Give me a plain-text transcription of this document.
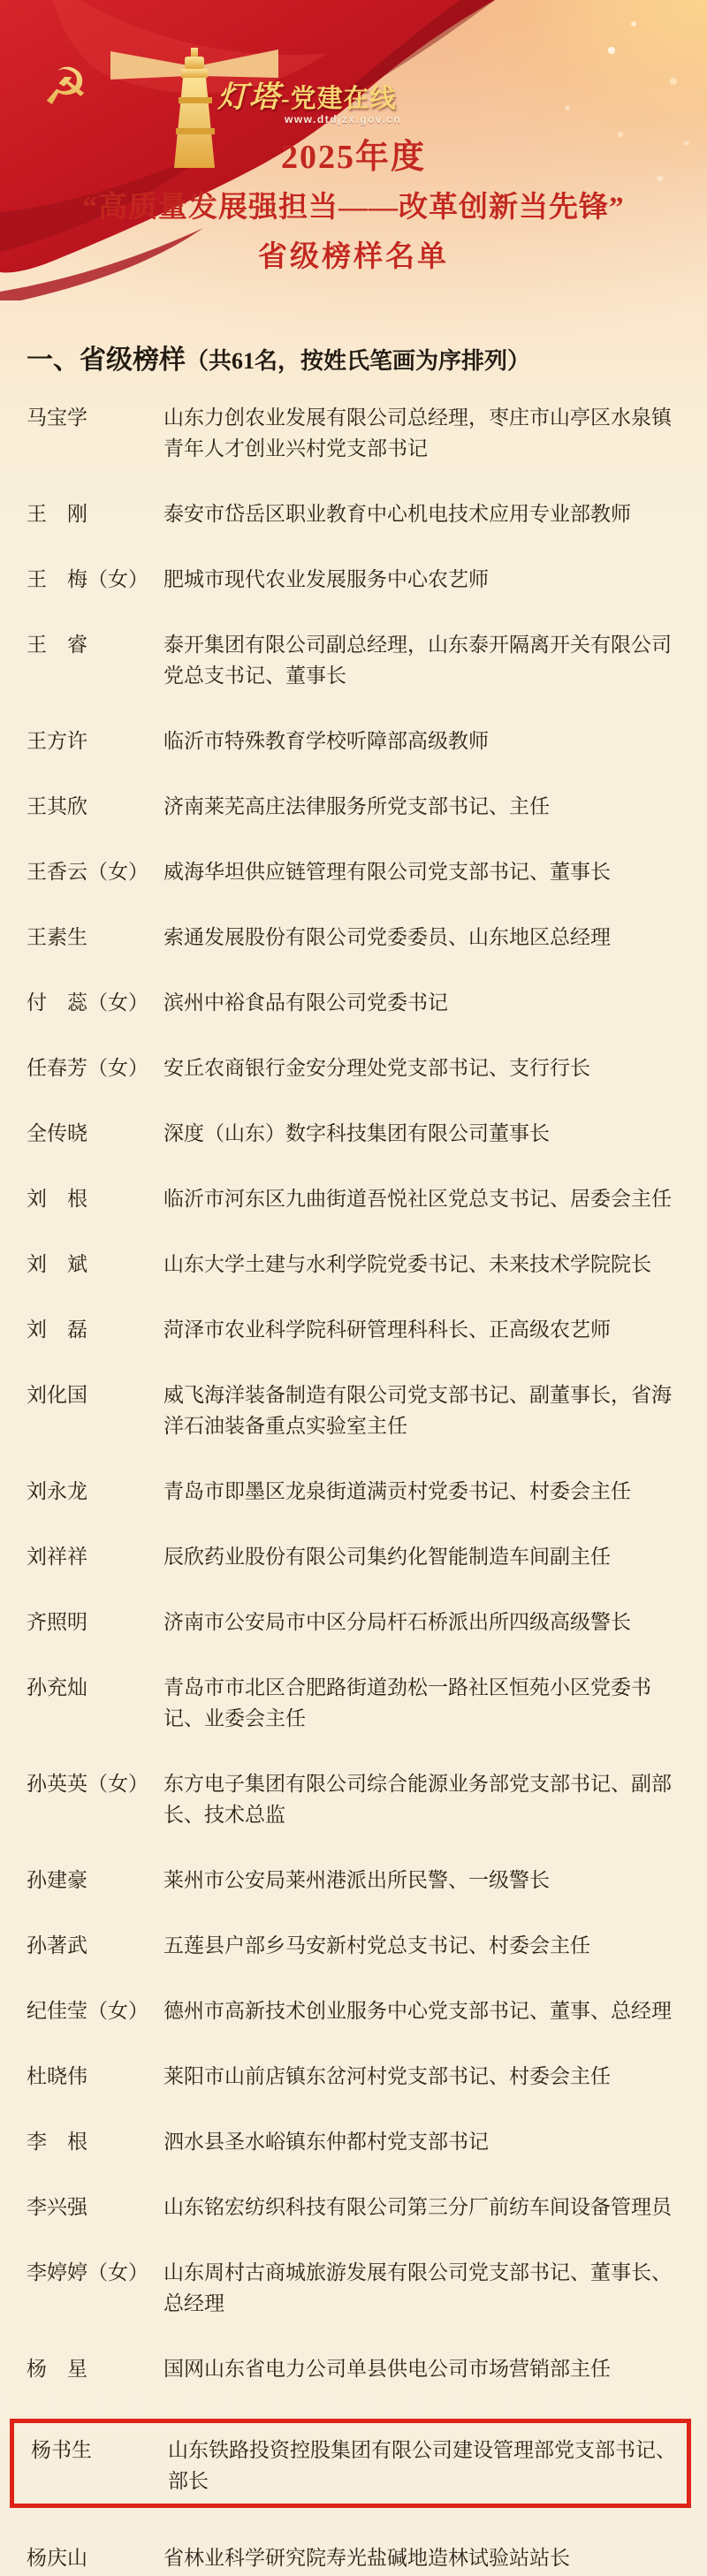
☭	灯塔-党建在线
www.dtdjzx.gov.cn
2025年度
“高质量发展强担当——改革创新当先锋”
省级榜样名单
一、省级榜样（共61名，按姓氏笔画为序排列）
马宝学	山东力创农业发展有限公司总经理，枣庄市山亭区水泉镇青年人才创业兴村党支部书记
王　刚	泰安市岱岳区职业教育中心机电技术应用专业部教师
王　梅（女） 肥城市现代农业发展服务中心农艺师
王　睿	泰开集团有限公司副总经理，山东泰开隔离开关有限公司党总支书记、董事长
王方许	临沂市特殊教育学校听障部高级教师
王其欣	济南莱芜高庄法律服务所党支部书记、主任
王香云（女） 威海华坦供应链管理有限公司党支部书记、董事长
王素生	索通发展股份有限公司党委委员、山东地区总经理
付　蕊（女） 滨州中裕食品有限公司党委书记
任春芳（女） 安丘农商银行金安分理处党支部书记、支行行长
全传晓	深度（山东）数字科技集团有限公司董事长
刘　根	临沂市河东区九曲街道吾悦社区党总支书记、居委会主任
刘　斌	山东大学土建与水利学院党委书记、未来技术学院院长
刘　磊	菏泽市农业科学院科研管理科科长、正高级农艺师
刘化国	威飞海洋装备制造有限公司党支部书记、副董事长，省海洋石油装备重点实验室主任
刘永龙	青岛市即墨区龙泉街道满贡村党委书记、村委会主任
刘祥祥	辰欣药业股份有限公司集约化智能制造车间副主任
齐照明	济南市公安局市中区分局杆石桥派出所四级高级警长
孙充灿	青岛市市北区合肥路街道劲松一路社区恒苑小区党委书记、业委会主任
孙英英（女） 东方电子集团有限公司综合能源业务部党支部书记、副部长、技术总监
孙建豪	莱州市公安局莱州港派出所民警、一级警长
孙著武	五莲县户部乡马安新村党总支书记、村委会主任
纪佳莹（女） 德州市高新技术创业服务中心党支部书记、董事、总经理
杜晓伟	莱阳市山前店镇东岔河村党支部书记、村委会主任
李　根	泗水县圣水峪镇东仲都村党支部书记
李兴强	山东铭宏纺织科技有限公司第三分厂前纺车间设备管理员
李婷婷（女） 山东周村古商城旅游发展有限公司党支部书记、董事长、总经理
杨　星	国网山东省电力公司单县供电公司市场营销部主任
杨书生	山东铁路投资控股集团有限公司建设管理部党支部书记、部长
杨庆山	省林业科学研究院寿光盐碱地造林试验站站长
